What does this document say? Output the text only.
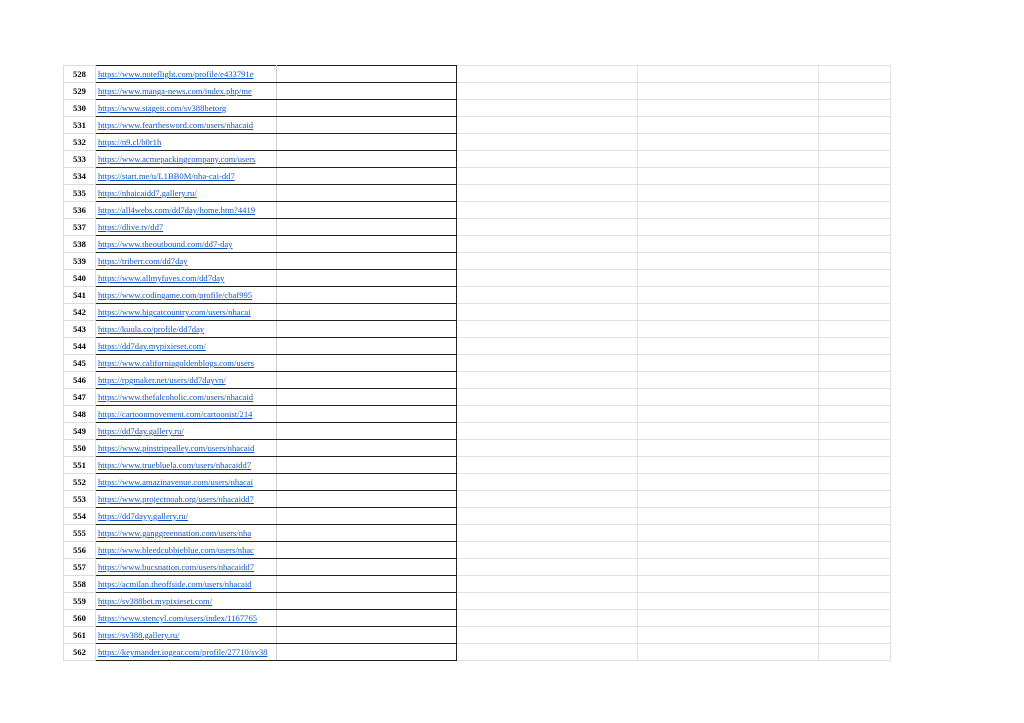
528	https://www.noteflight.com/profile/e433791e				
529	https://www.manga-news.com/index.php/me				
530	https://www.stageit.com/sv388betorg				
531	https://www.fearthesword.com/users/nhacaid				
532	https://n9.cl/b0r1h				
533	https://www.acmepackingcompany.com/users				
534	https://start.me/u/L1BB0M/nha-cai-dd7				
535	https://nhaicaidd7.gallery.ru/				
536	https://all4webs.com/dd7day/home.htm?4419				
537	https://dlive.tv/dd7				
538	https://www.theoutbound.com/dd7-day				
539	https://triberr.com/dd7day				
540	https://www.allmyfaves.com/dd7day				
541	https://www.codingame.com/profile/cbaf995				
542	https://www.bigcatcountry.com/users/nhacai				
543	https://kuula.co/profile/dd7day				
544	https://dd7day.mypixieset.com/				
545	https://www.californiagoldenblogs.com/users				
546	https://rpgmaker.net/users/dd7dayvn/				
547	https://www.thefalcoholic.com/users/nhacaid				
548	https://cartoonmovement.com/cartoonist/214				
549	https://dd7day.gallery.ru/				
550	https://www.pinstripealley.com/users/nhacaid				
551	https://www.truebluela.com/users/nhacaidd7				
552	https://www.amazinavenue.com/users/nhacai				
553	https://www.projectnoah.org/users/nhacaidd7				
554	https://dd7dayy.gallery.ru/				
555	https://www.ganggreennation.com/users/nha				
556	https://www.bleedcubbieblue.com/users/nhac				
557	https://www.bucsnation.com/users/nhacaidd7				
558	https://acmilan.theoffside.com/users/nhacaid				
559	https://sv388bet.mypixieset.com/				
560	https://www.stencyl.com/users/index/1167765				
561	https://sv388.gallery.ru/				
562	https://keymander.iogear.com/profile/27710/sv38				
